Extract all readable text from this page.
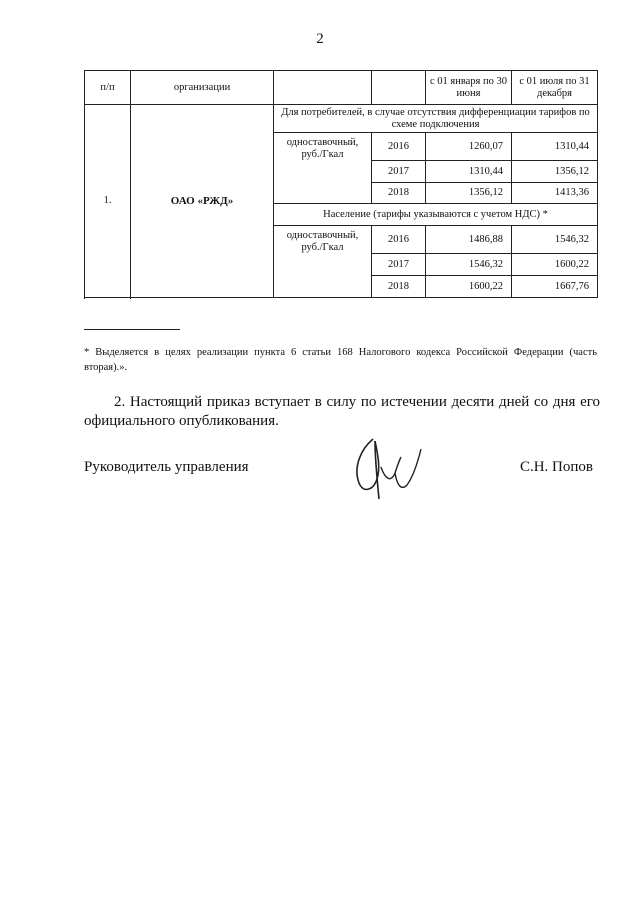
2
п/п	организации			с 01 января по 30 июня	с 01 июля по 31 декабря
1.	ОАО «РЖД»	Для потребителей, в случае отсутствия дифференциации тарифов по схеме подключения			
		одноставочный, руб./Гкал	2016	1260,07	1310,44
			2017	1310,44	1356,12
			2018	1356,12	1413,36
		Население (тарифы указываются с учетом НДС) *			
		одноставочный, руб./Гкал	2016	1486,88	1546,32
			2017	1546,32	1600,22
			2018	1600,22	1667,76

* Выделяется в целях реализации пункта 6 статьи 168 Налогового кодекса Российской Федерации (часть вторая).».
2. Настоящий приказ вступает в силу по истечении десяти дней со дня его официального опубликования.
Руководитель управления	С.Н. Попов
